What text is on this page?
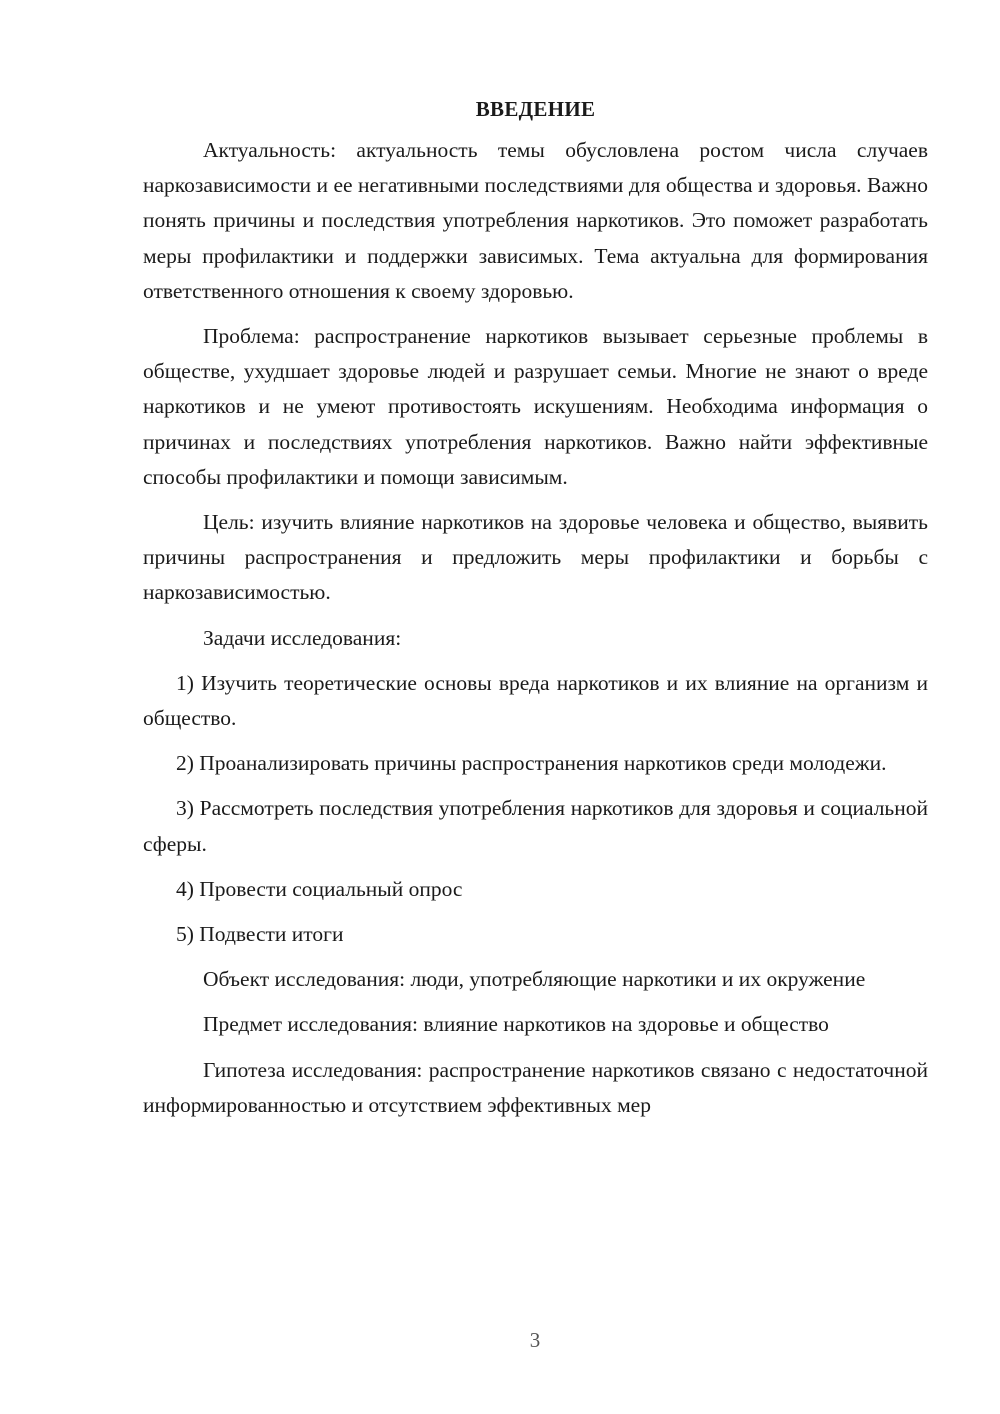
ВВЕДЕНИЕ

Актуальность: актуальность темы обусловлена ростом числа случаев наркозависимости и ее негативными последствиями для общества и здоровья. Важно понять причины и последствия употребления наркотиков. Это поможет разработать меры профилактики и поддержки зависимых. Тема актуальна для формирования ответственного отношения к своему здоровью.

Проблема: распространение наркотиков вызывает серьезные проблемы в обществе, ухудшает здоровье людей и разрушает семьи. Многие не знают о вреде наркотиков и не умеют противостоять искушениям. Необходима информация о причинах и последствиях употребления наркотиков. Важно найти эффективные способы профилактики и помощи зависимым.

Цель: изучить влияние наркотиков на здоровье человека и общество, выявить причины распространения и предложить меры профилактики и борьбы с наркозависимостью.

Задачи исследования:

1) Изучить теоретические основы вреда наркотиков и их влияние на организм и общество.

2) Проанализировать причины распространения наркотиков среди молодежи.

3) Рассмотреть последствия употребления наркотиков для здоровья и социальной сферы.

4) Провести социальный опрос

5) Подвести итоги

Объект исследования: люди, употребляющие наркотики и их окружение

Предмет исследования: влияние наркотиков на здоровье и общество

Гипотеза исследования: распространение наркотиков связано с недостаточной информированностью и отсутствием эффективных мер

3
